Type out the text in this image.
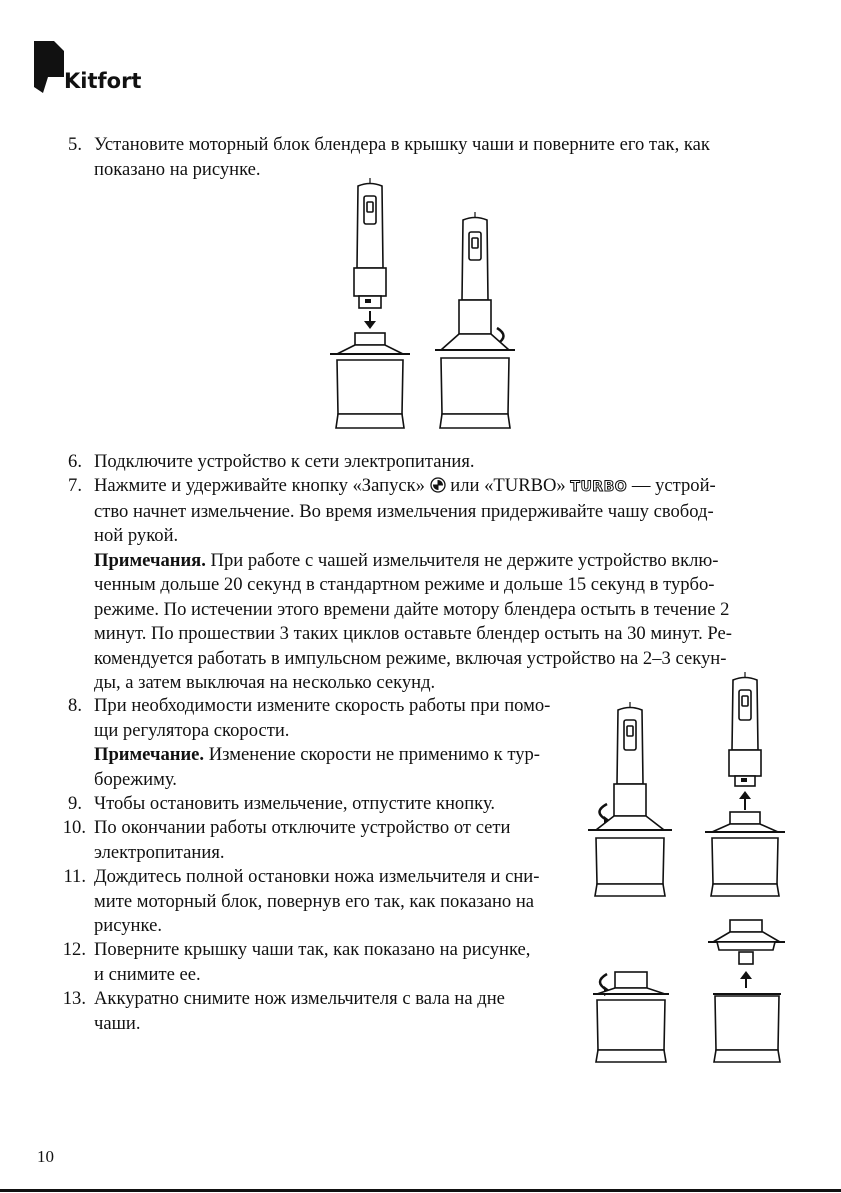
Kitfort
5. Установите моторный блок блендера в крышку чаши и поверните его так, как
показано на рисунке.
6. Подключите устройство к сети электропитания.
7. Нажмите и удерживайте кнопку «Запуск» или «TURBO» TURBO — устрой-
ство начнет измельчение. Во время измельчения придерживайте чашу свобод-
ной рукой.
Примечания. При работе с чашей измельчителя не держите устройство вклю-
ченным дольше 20 секунд в стандартном режиме и дольше 15 секунд в турбо-
режиме. По истечении этого времени дайте мотору блендера остыть в течение 2
минут. По прошествии 3 таких циклов оставьте блендер остыть на 30 минут. Ре-
комендуется работать в импульсном режиме, включая устройство на 2–3 секун-
ды, а затем выключая на несколько секунд.
8. При необходимости измените скорость работы при помо-
щи регулятора скорости.
Примечание. Изменение скорости не применимо к тур-
борежиму.
9. Чтобы остановить измельчение, отпустите кнопку.
10. По окончании работы отключите устройство от сети
электропитания.
11. Дождитесь полной остановки ножа измельчителя и сни-
мите моторный блок, повернув его так, как показано на
рисунке.
12. Поверните крышку чаши так, как показано на рисунке,
и снимите ее.
13. Аккуратно снимите нож измельчителя с вала на дне
чаши.
10
